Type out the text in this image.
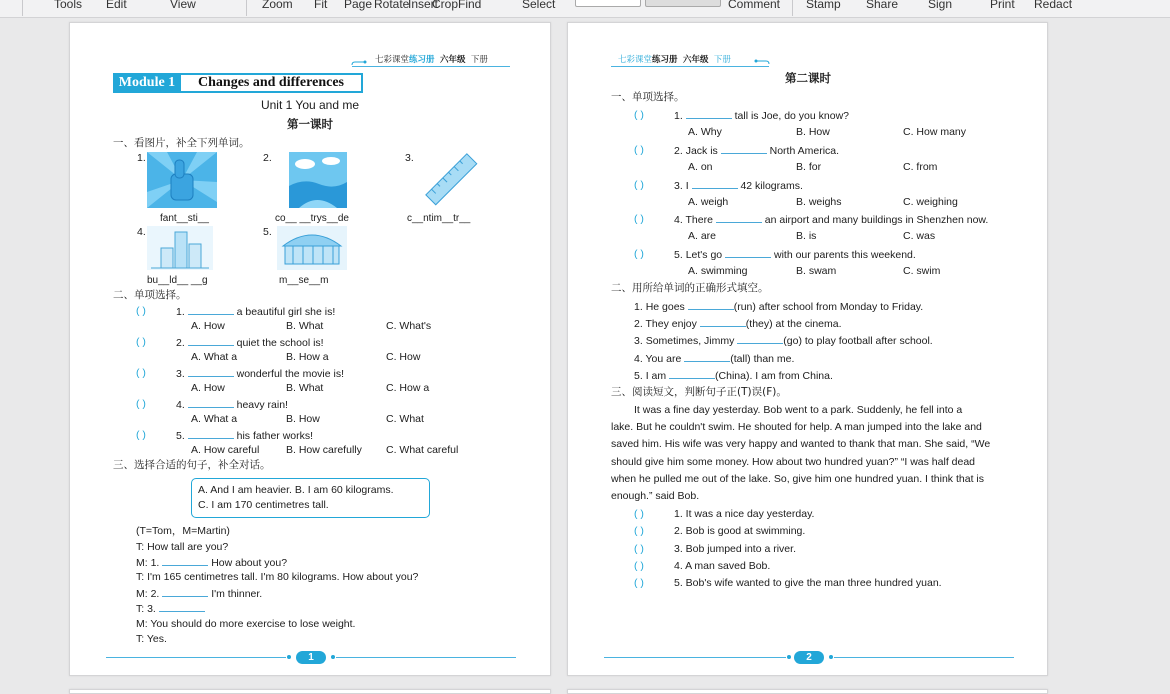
Tools	Edit	View	Zoom Fit	Page Rotate
Insert
Crop Find	Select	Comment Stamp	Share	Sign	Print Redact
七彩课堂练习册 六年级 下册
Module 1	Changes and differences
Unit 1 You and me
第一课时
一、看图片，补全下列单词。
1.
fant__sti__
2.
co__ __trys__de
3.
c__ntim__tr__
4.
bu__ld__ __g
5.
m__se__m
二、单项选择。
( )	1.	a beautiful girl she is!
A. How	B. What	C. What's
( )	2.	quiet the school is!
A. What a	B. How a	C. How
( )	3.	wonderful the movie is!
A. How	B. What	C. How a
( )	4.	heavy rain!
A. What a	B. How	C. What
( )	5.	his father works!
A. How careful	B. How carefully C. What careful
三、选择合适的句子，补全对话。
A. And I am heavier. B. I am 60 kilograms.
C. I am 170 centimetres tall.
(T=Tom，M=Martin)
T: How tall are you?
M: 1.	How about you?
T: I'm 165 centimetres tall. I'm 80 kilograms. How about you?
M: 2.	I'm thinner.
T: 3.
M: You should do more exercise to lose weight.
T: Yes.
1
七彩课堂练习册 六年级 下册
第二课时
一、单项选择。
( )	1.	tall is Joe, do you know?
A. Why	B. How	C. How many
( )	2. Jack is	North America.
A. on	B. for	C. from
( )	3. I	42 kilograms.
A. weigh	B. weighs	C. weighing
( )	4. There	an airport and many buildings in Shenzhen now.
A. are	B. is	C. was
( )	5. Let's go	with our parents this weekend.
A. swimming	B. swam	C. swim
二、用所给单词的正确形式填空。
1. He goes	(run) after school from Monday to Friday.
2. They enjoy	(they) at the cinema.
3. Sometimes, Jimmy	(go) to play football after school.
4. You are	(tall) than me.
5. I am	(China). I am from China.
三、阅读短文，判断句子正(T)误(F)。
It was a fine day yesterday. Bob went to a park. Suddenly, he fell into a
lake. But he couldn't swim. He shouted for help. A man jumped into the lake and
saved him. His wife was very happy and wanted to thank that man. She said, “We
should give him some money. How about two hundred yuan?” “I was half dead
when he pulled me out of the lake. So, give him one hundred yuan. I think that is
enough.” said Bob.
( )	1. It was a nice day yesterday.
( )	2. Bob is good at swimming.
( )	3. Bob jumped into a river.
( )	4. A man saved Bob.
( )	5. Bob's wife wanted to give the man three hundred yuan.
2
